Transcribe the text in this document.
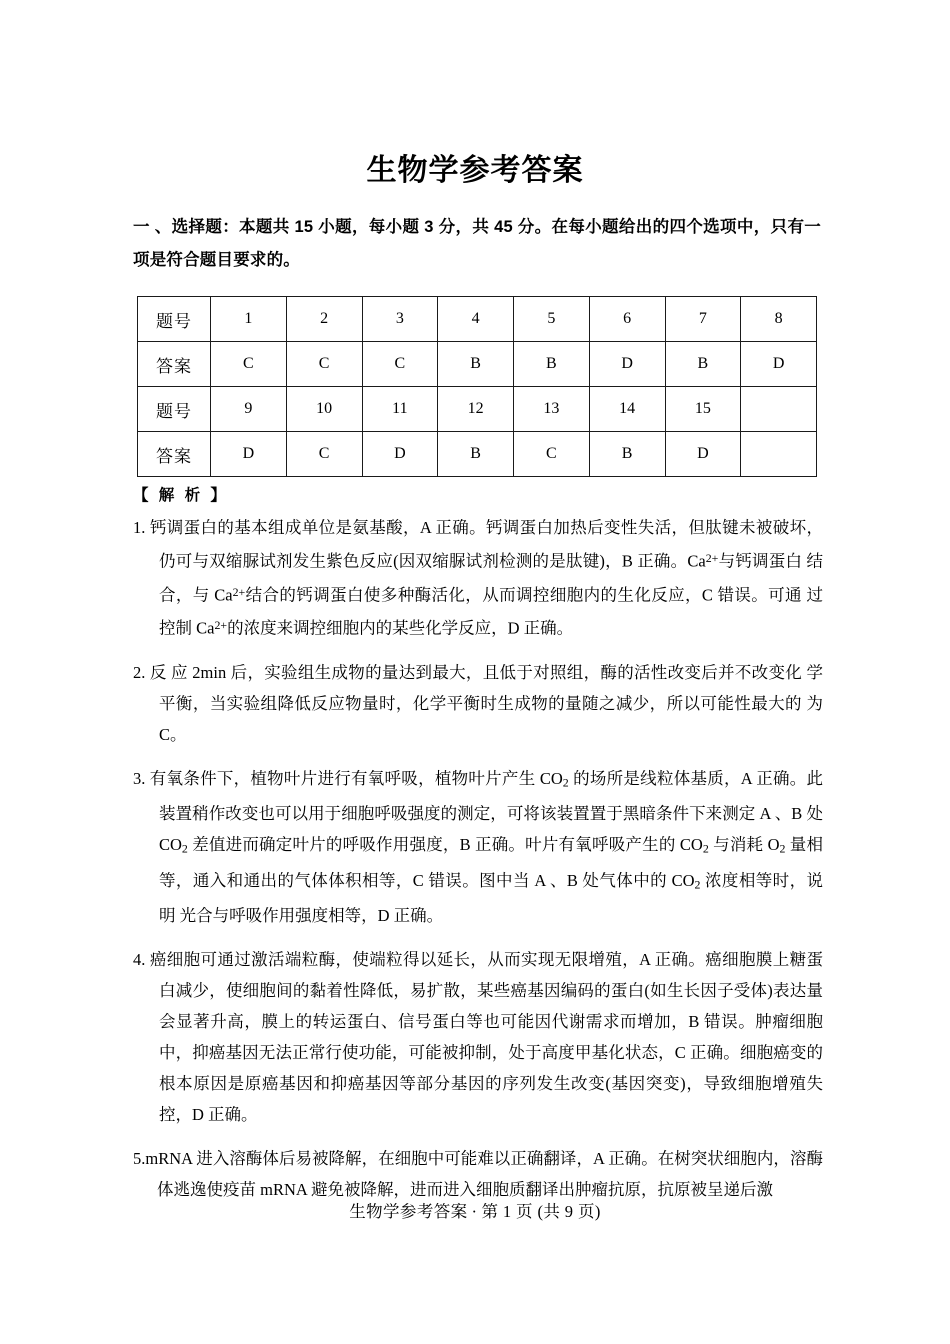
生物学参考答案
一 、选择题：本题共 15 小题，每小题 3 分，共 45 分。在每小题给出的四个选项中，只有一 项是符合题目要求的。
题号	1	2	3	4	5	6	7	8
答案	C	C	C	B	B	D	B	D
题号	9	10	11	12	13	14	15	
答案	D	C	D	B	C	B	D	
【 解 析 】
1. 钙调蛋白的基本组成单位是氨基酸，A 正确。钙调蛋白加热后变性失活，但肽键未被破坏， 仍可与双缩脲试剂发生紫色反应(因双缩脲试剂检测的是肽键)，B 正确。$Ca^{2+}$与钙调蛋白 结合，与 $Ca^{2+}$结合的钙调蛋白使多种酶活化，从而调控细胞内的生化反应，C 错误。可通 过控制 $Ca^{2+}$的浓度来调控细胞内的某些化学反应，D 正确。
2. 反 应 2min 后，实验组生成物的量达到最大，且低于对照组，酶的活性改变后并不改变化 学平衡，当实验组降低反应物量时，化学平衡时生成物的量随之减少，所以可能性最大的 为C。
3. 有氧条件下，植物叶片进行有氧呼吸，植物叶片产生 $CO_2$ 的场所是线粒体基质，A 正确。此 装置稍作改变也可以用于细胞呼吸强度的测定，可将该装置置于黑暗条件下来测定 A 、B 处 $CO_2$ 差值进而确定叶片的呼吸作用强度，B 正确。叶片有氧呼吸产生的 $CO_2$ 与消耗 $O_2$ 量相 等，通入和通出的气体体积相等，C 错误。图中当 A 、B 处气体中的 $CO_2$ 浓度相等时，说明 光合与呼吸作用强度相等，D 正确。
4. 癌细胞可通过激活端粒酶，使端粒得以延长，从而实现无限增殖，A 正确。癌细胞膜上糖蛋白减少，使细胞间的黏着性降低，易扩散，某些癌基因编码的蛋白(如生长因子受体)表达量会显著升高，膜上的转运蛋白、信号蛋白等也可能因代谢需求而增加，B 错误。肿瘤细胞中，抑癌基因无法正常行使功能，可能被抑制，处于高度甲基化状态，C 正确。细胞癌变的根本原因是原癌基因和抑癌基因等部分基因的序列发生改变(基因突变)，导致细胞增殖失控，D 正确。
5.mRNA 进入溶酶体后易被降解，在细胞中可能难以正确翻译，A 正确。在树突状细胞内，溶酶体逃逸使疫苗 mRNA 避免被降解，进而进入细胞质翻译出肿瘤抗原，抗原被呈递后激
生物学参考答案 · 第 1 页 (共 9 页)
